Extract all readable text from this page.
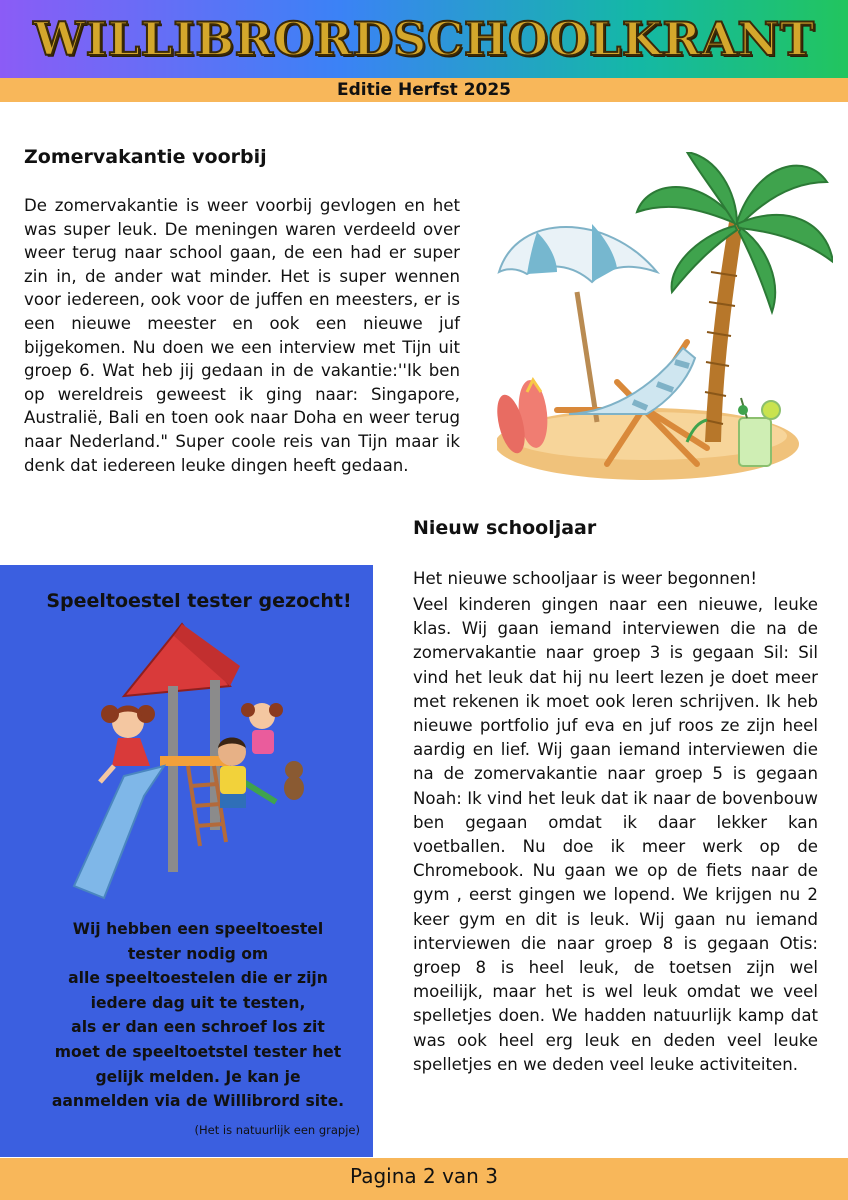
WILLIBRORDSCHOOLKRANT
Editie Herfst 2025
Zomervakantie voorbij
De zomervakantie is weer voorbij gevlogen en het was super leuk. De meningen waren verdeeld over weer terug naar school gaan, de een had er super zin in, de ander wat minder. Het is super wennen voor iedereen, ook voor de juffen en meesters, er is een nieuwe meester en ook een nieuwe juf bijgekomen. Nu doen we een interview met Tijn uit groep 6. Wat heb jij gedaan in de vakantie:''Ik ben op wereldreis geweest ik ging naar: Singapore, Australië, Bali en toen ook naar Doha en weer terug naar Nederland." Super coole reis van Tijn maar ik denk dat iedereen leuke dingen heeft gedaan.
Nieuw schooljaar
Het nieuwe schooljaar is weer begonnen!
Veel kinderen gingen naar een nieuwe, leuke klas. Wij gaan iemand interviewen die na de zomervakantie naar groep 3 is gegaan Sil: Sil vind het leuk dat hij nu leert lezen je doet meer met rekenen ik moet ook leren schrijven. Ik heb nieuwe portfolio juf eva en juf roos ze zijn heel aardig en lief. Wij gaan iemand interviewen die na de zomervakantie naar groep 5 is gegaan Noah: Ik vind het leuk dat ik naar de bovenbouw ben gegaan omdat ik daar lekker kan voetballen. Nu doe ik meer werk op de Chromebook. Nu gaan we op de fiets naar de gym , eerst gingen we lopend. We krijgen nu 2 keer gym en dit is leuk. Wij gaan nu iemand interviewen die naar groep 8 is gegaan Otis: groep 8 is heel leuk, de toetsen zijn wel moeilijk, maar het is wel leuk omdat we veel spelletjes doen. We hadden natuurlijk kamp dat was ook heel erg leuk en deden veel leuke spelletjes en we deden veel leuke activiteiten.
Speeltoestel tester gezocht!
Wij hebben een speeltoestel
tester nodig om
alle speeltoestelen die er zijn
iedere dag uit te testen,
als er dan een schroef los zit
moet de speeltoetstel tester het
gelijk melden. Je kan je
aanmelden via de Willibrord site.
(Het is natuurlijk een grapje)
Pagina 2 van 3
